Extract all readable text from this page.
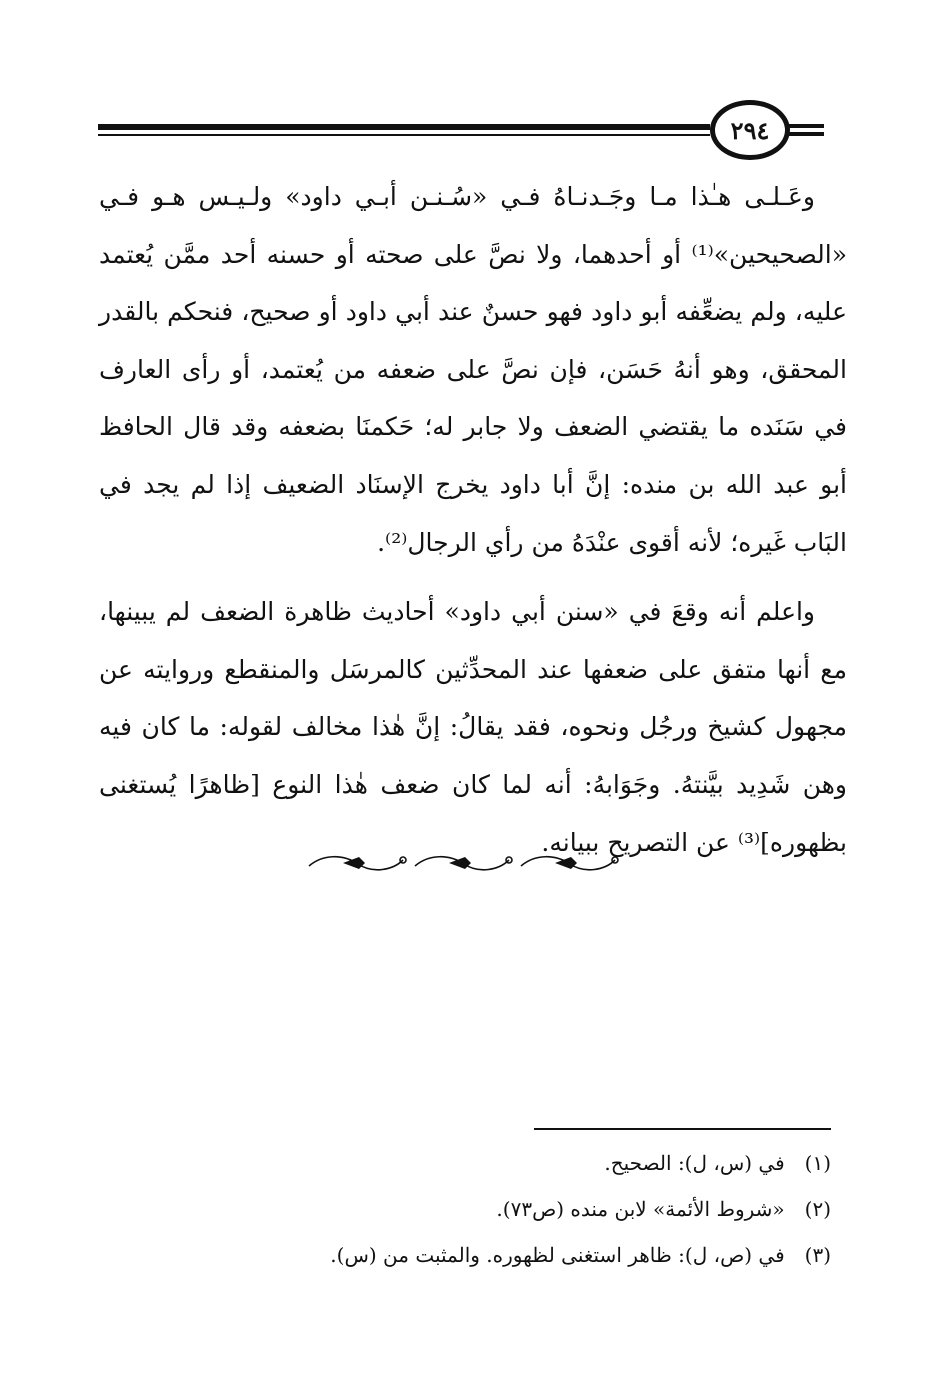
٢٩٤

وعَـلـى هـٰذا مـا وجَـدنـاهُ فـي «سُـنـن أبـي داود» ولـيـس هـو فـي «الصحيحين»⁽¹⁾ أو أحدهما، ولا نصَّ على صحته أو حسنه أحد ممَّن يُعتمد عليه، ولم يضعِّفه أبو داود فهو حسنٌ عند أبي داود أو صحيح، فنحكم بالقدر المحقق، وهو أنهُ حَسَن، فإن نصَّ على ضعفه من يُعتمد، أو رأى العارف في سَنَده ما يقتضي الضعف ولا جابر له؛ حَكمنَا بضعفه وقد قال الحافظ أبو عبد الله بن منده: إنَّ أبا داود يخرج الإسنَاد الضعيف إذا لم يجد في البَاب غَيره؛ لأنه أقوى عنْدَهُ من رأي الرجال⁽²⁾.

واعلم أنه وقعَ في «سنن أبي داود» أحاديث ظاهرة الضعف لم يبينها، مع أنها متفق على ضعفها عند المحدِّثين كالمرسَل والمنقطع وروايته عن مجهول كشيخ ورجُل ونحوه، فقد يقالُ: إنَّ هٰذا مخالف لقوله: ما كان فيه وهن شَدِيد بيَّنتهُ. وجَوَابهُ: أنه لما كان ضعف هٰذا النوع [ظاهرًا يُستغنى بظهوره]⁽³⁾ عن التصريح ببيانه.

(١) في (س، ل): الصحيح.
(٢) «شروط الأئمة» لابن منده (ص٧٣).
(٣) في (ص، ل): ظاهر استغنى لظهوره. والمثبت من (س).
